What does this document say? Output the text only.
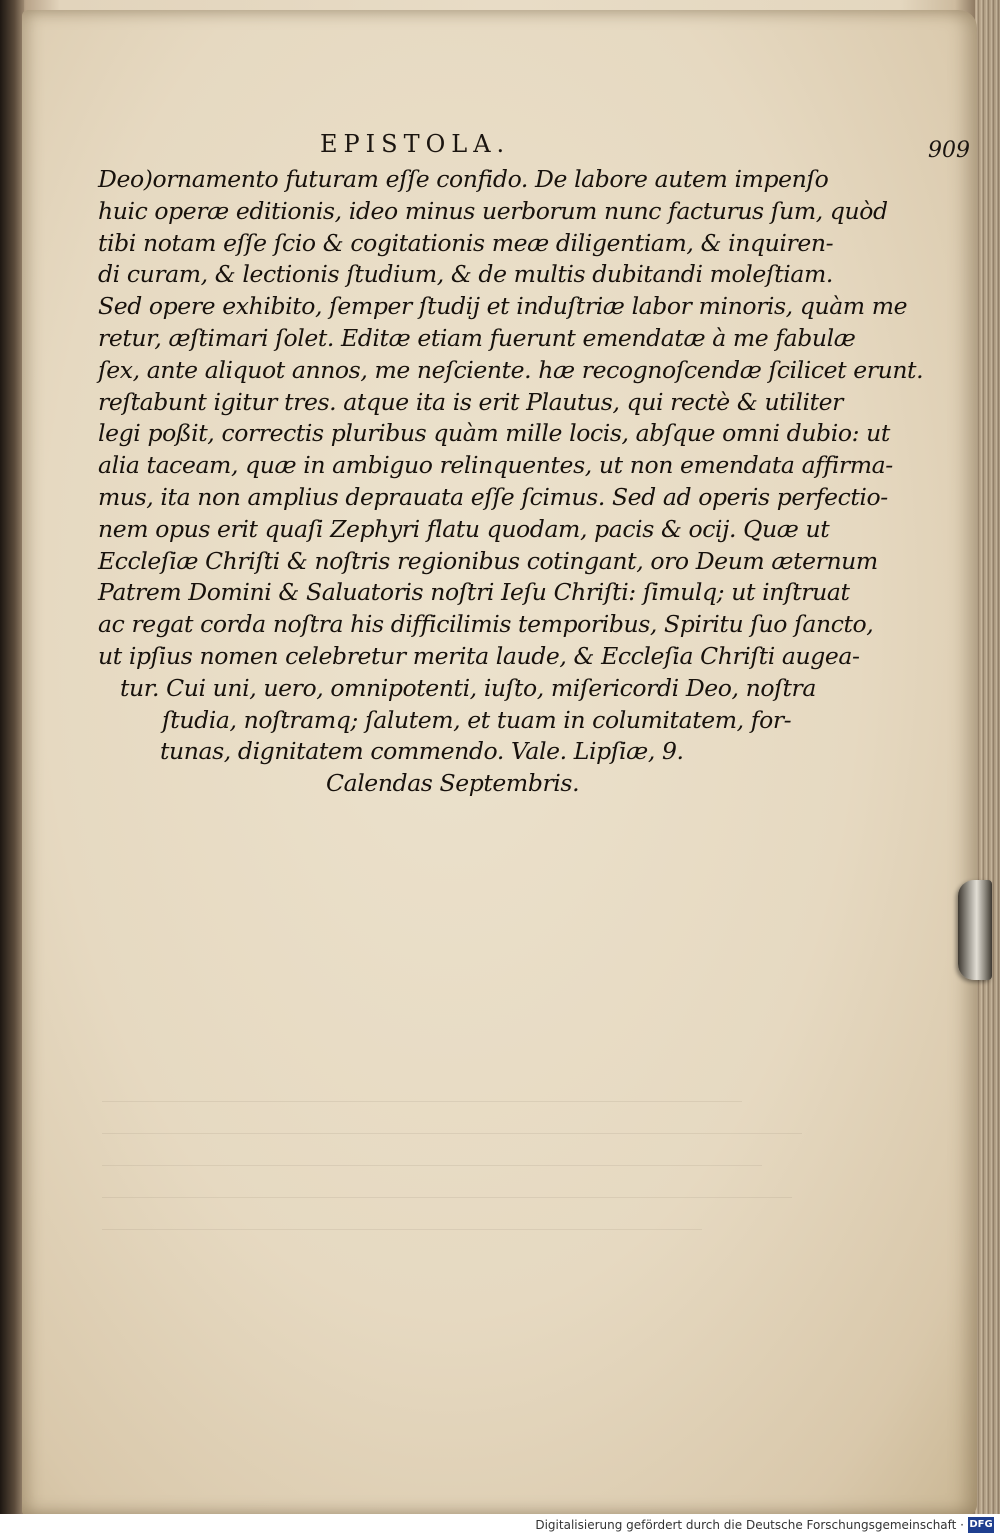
EPISTOLA.	909
Deo)ornamento futuram eſſe confido. De labore autem impenſo
huic operæ editionis, ideo minus uerborum nunc facturus ſum, quòd
tibi notam eſſe ſcio & cogitationis meæ diligentiam, & inquiren-
di curam, & lectionis ſtudium, & de multis dubitandi moleſtiam.
Sed opere exhibito, ſemper ſtudij et induſtriæ labor minoris, quàm me
retur, æſtimari ſolet. Editæ etiam fuerunt emendatæ à me fabulæ
ſex, ante aliquot annos, me neſciente. hæ recognoſcendæ ſcilicet erunt.
reſtabunt igitur tres. atque ita is erit Plautus, qui rectè & utiliter
legi poßit, correctis pluribus quàm mille locis, abſque omni dubio: ut
alia taceam, quæ in ambiguo relinquentes, ut non emendata affirma-
mus, ita non amplius deprauata eſſe ſcimus. Sed ad operis perfectio-
nem opus erit quaſi Zephyri flatu quodam, pacis & ocij. Quæ ut
Eccleſiæ Chriſti & noſtris regionibus cotingant, oro Deum æternum
Patrem Domini & Saluatoris noſtri Ieſu Chriſti: ſimulq; ut inſtruat
ac regat corda noſtra his difficilimis temporibus, Spiritu ſuo ſancto,
ut ipſius nomen celebretur merita laude, & Eccleſia Chriſti augea-
tur. Cui uni, uero, omnipotenti, iuſto, miſericordi Deo, noſtra
ſtudia, noſtramq; ſalutem, et tuam in columitatem, for-
tunas, dignitatem commendo. Vale. Lipſiæ, 9.
Calendas Septembris.
Digitalisierung gefördert durch die Deutsche Forschungsgemeinschaft · DFG
